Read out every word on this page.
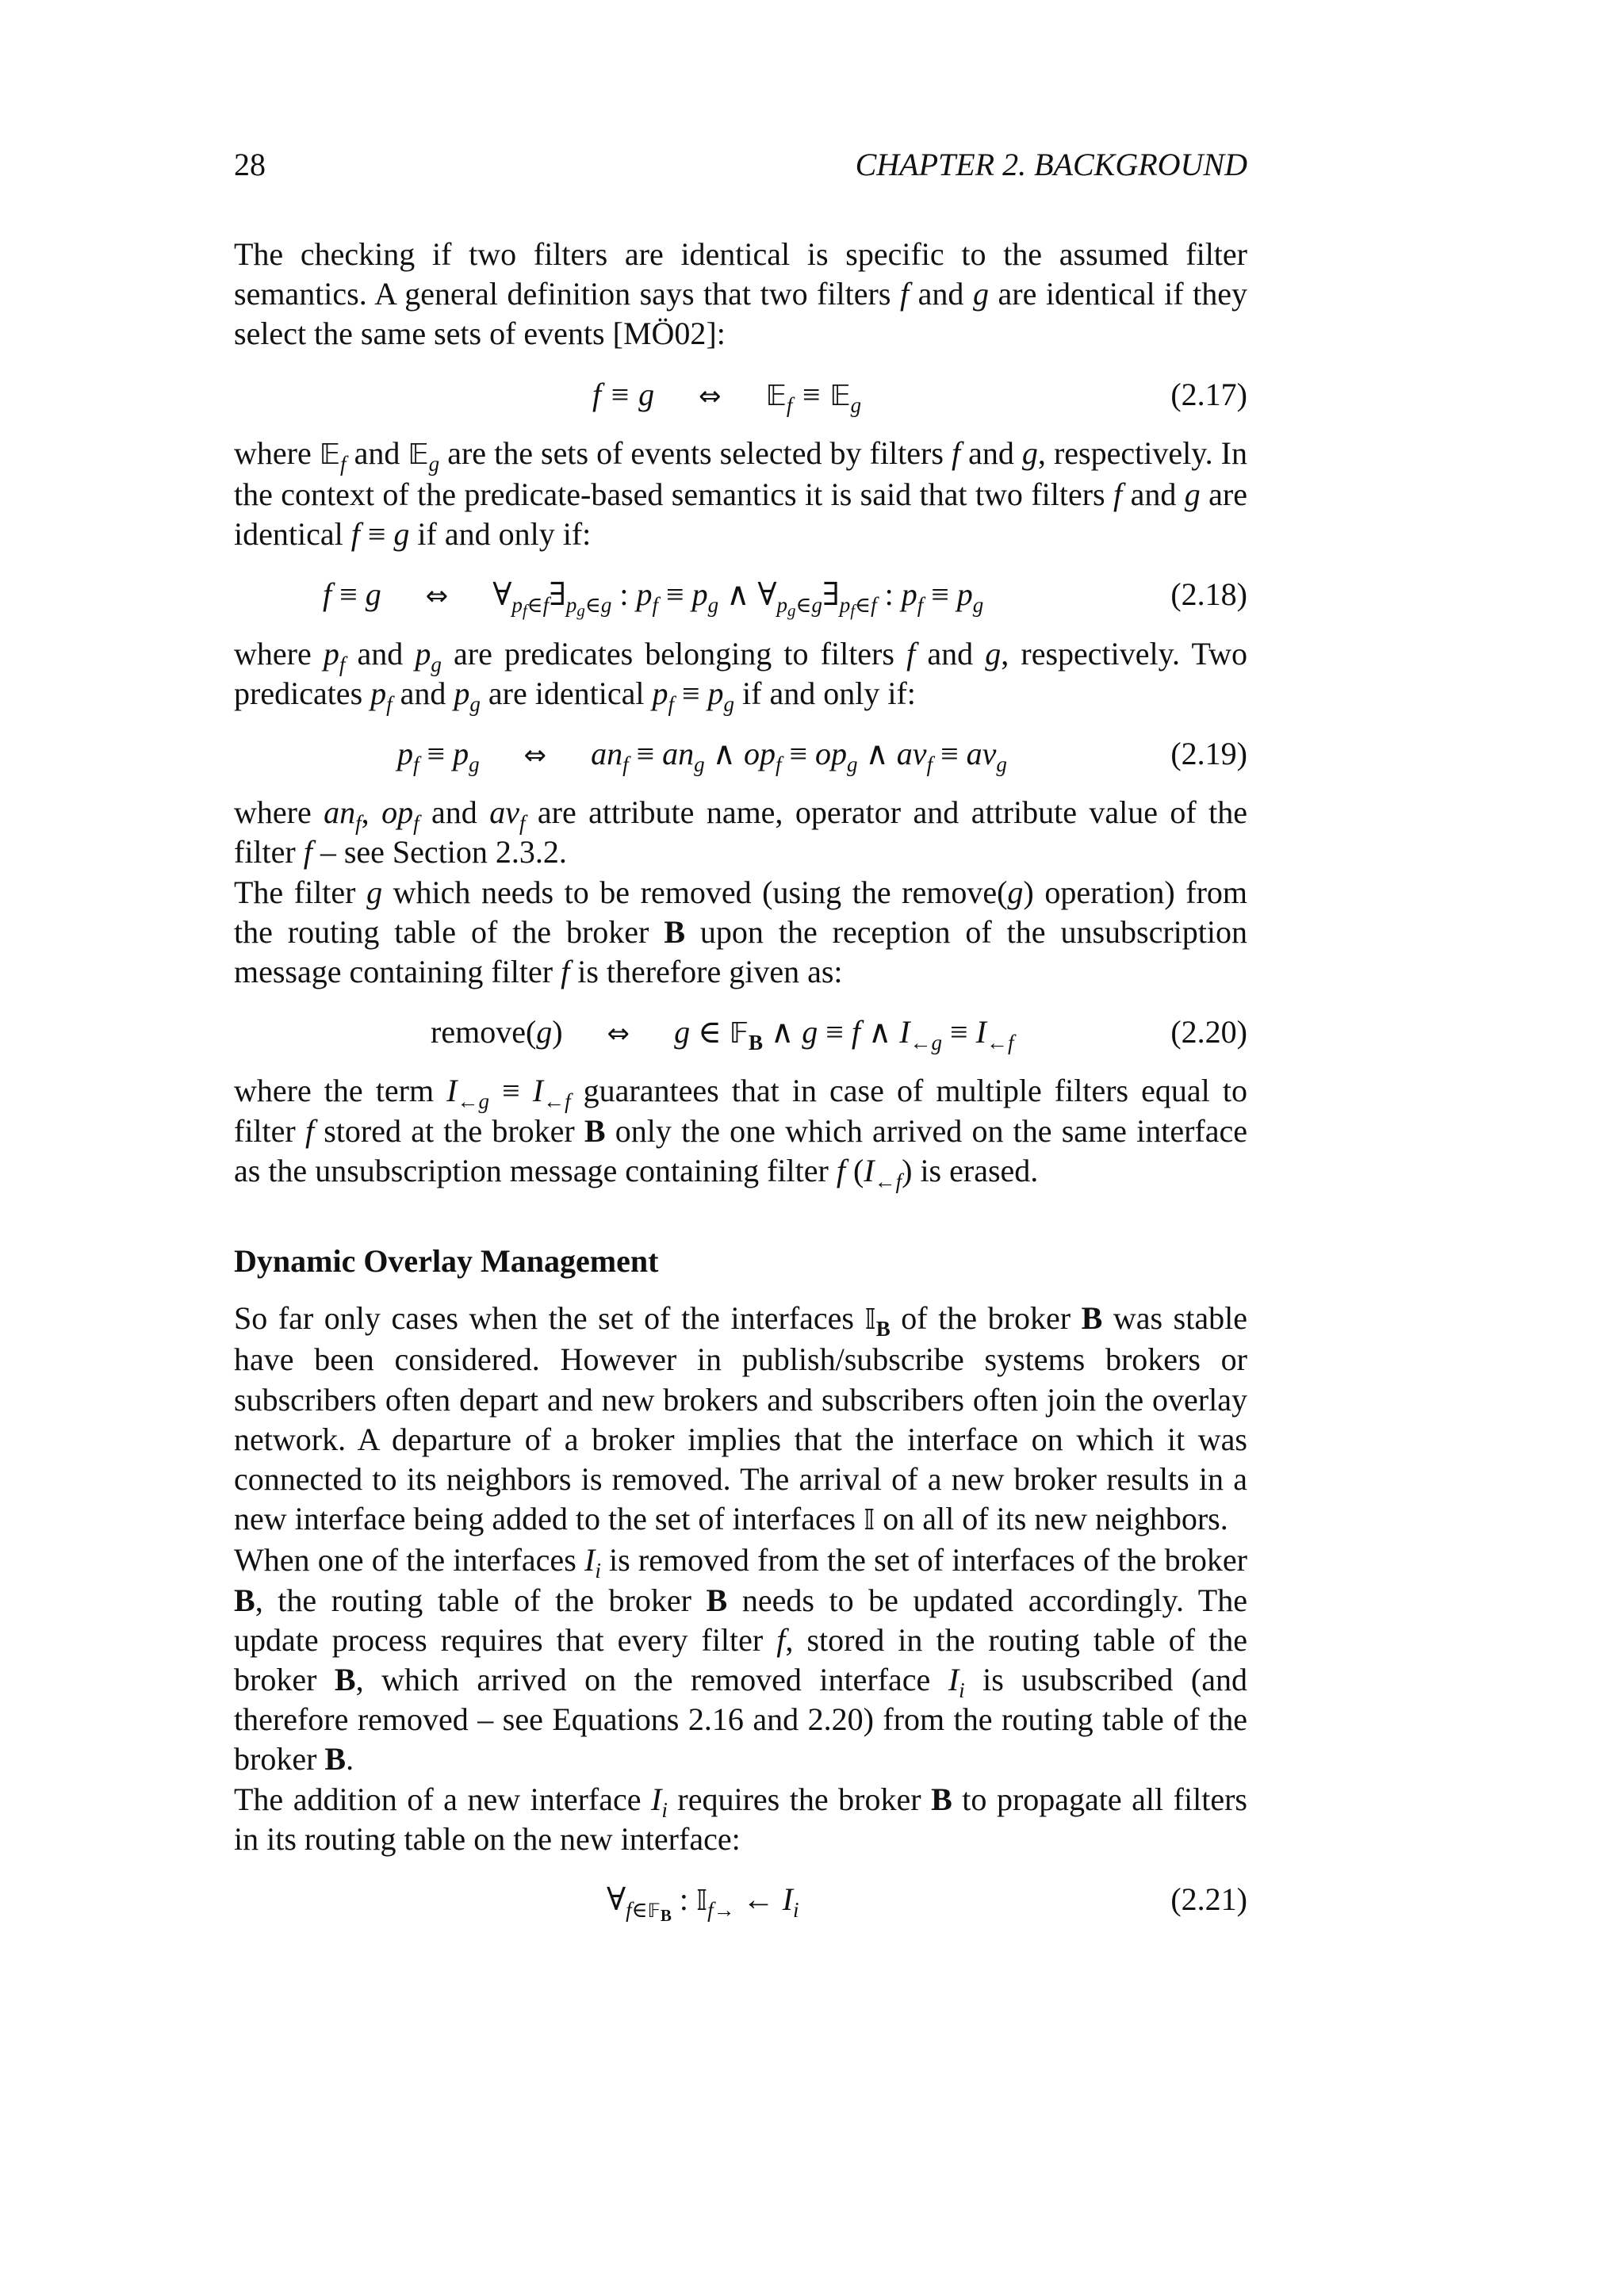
28	CHAPTER 2. BACKGROUND

The checking if two filters are identical is specific to the assumed filter semantics. A general definition says that two filters f and g are identical if they select the same sets of events [MÖ02]:

f ≡ g ⇔ 𝔼$_f$ ≡ 𝔼$_g$	(2.17)

where 𝔼$_f$ and 𝔼$_g$ are the sets of events selected by filters f and g, respectively. In the context of the predicate-based semantics it is said that two filters f and g are identical f ≡ g if and only if:

f ≡ g ⇔ $\forall_{p_f\in f}\exists_{p_g\in g}$ : $p_f \equiv p_g$ ∧ $\forall_{p_g\in g}\exists_{p_f\in f}$ : $p_f \equiv p_g$	(2.18)

where $p_f$ and $p_g$ are predicates belonging to filters f and g, respectively. Two predicates $p_f$ and $p_g$ are identical $p_f \equiv p_g$ if and only if:

$p_f \equiv p_g$ ⇔ $an_f \equiv an_g$ ∧ $op_f \equiv op_g$ ∧ $av_f \equiv av_g$	(2.19)

where $an_f$, $op_f$ and $av_f$ are attribute name, operator and attribute value of the filter f – see Section 2.3.2.

The filter g which needs to be removed (using the remove(g) operation) from the routing table of the broker B upon the reception of the unsubscription message containing filter f is therefore given as:

remove(g) ⇔ g ∈ 𝔽$_B$ ∧ g ≡ f ∧ $I_{\leftarrow g} \equiv I_{\leftarrow f}$	(2.20)

where the term $I_{\leftarrow g} \equiv I_{\leftarrow f}$ guarantees that in case of multiple filters equal to filter f stored at the broker B only the one which arrived on the same interface as the unsubscription message containing filter f $(I_{\leftarrow f})$ is erased.

Dynamic Overlay Management

So far only cases when the set of the interfaces 𝕀$_B$ of the broker B was stable have been considered. However in publish/subscribe systems brokers or subscribers often depart and new brokers and subscribers often join the overlay network. A departure of a broker implies that the interface on which it was connected to its neighbors is removed. The arrival of a new broker results in a new interface being added to the set of interfaces 𝕀 on all of its new neighbors.

When one of the interfaces $I_i$ is removed from the set of interfaces of the broker B, the routing table of the broker B needs to be updated accordingly. The update process requires that every filter f, stored in the routing table of the broker B, which arrived on the removed interface $I_i$ is usubscribed (and therefore removed – see Equations 2.16 and 2.20) from the routing table of the broker B.

The addition of a new interface $I_i$ requires the broker B to propagate all filters in its routing table on the new interface:

$\forall_{f\in 𝔽_B}$ : 𝕀$_{f\to}$ ← $I_i$	(2.21)
